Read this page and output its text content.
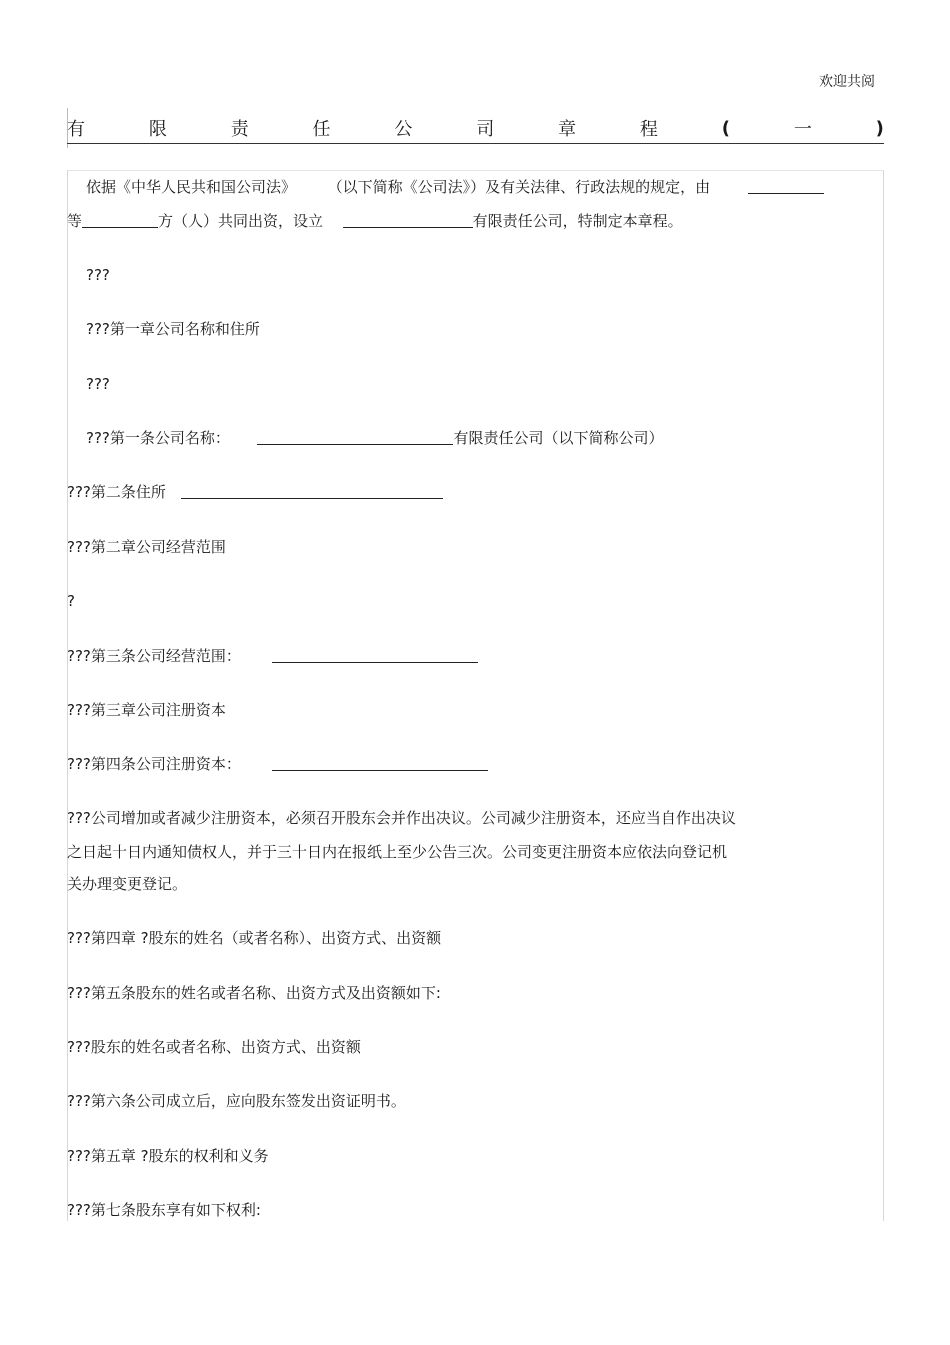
欢迎共阅
有	限	责	任	公	司	章	程	(	一	)

依据《中华人民共和国公司法》 （以下简称《公司法》）及有关法律、行政法规的规定，由

等	方（人）共同出资，设立	有限责任公司，特制定本章程。

???

???第一章公司名称和住所

???

???第一条公司名称：	有限责任公司（以下简称公司）

???第二条住所

???第二章公司经营范围

?

???第三条公司经营范围：

???第三章公司注册资本

???第四条公司注册资本：

???公司增加或者减少注册资本，必须召开股东会并作出决议。公司减少注册资本，还应当自作出决议

之日起十日内通知债权人，并于三十日内在报纸上至少公告三次。公司变更注册资本应依法向登记机

关办理变更登记。

???第四章 ?股东的姓名（或者名称）、出资方式、出资额

???第五条股东的姓名或者名称、出资方式及出资额如下:

???股东的姓名或者名称、出资方式、出资额

???第六条公司成立后，应向股东签发出资证明书。

???第五章 ?股东的权利和义务

???第七条股东享有如下权利:
